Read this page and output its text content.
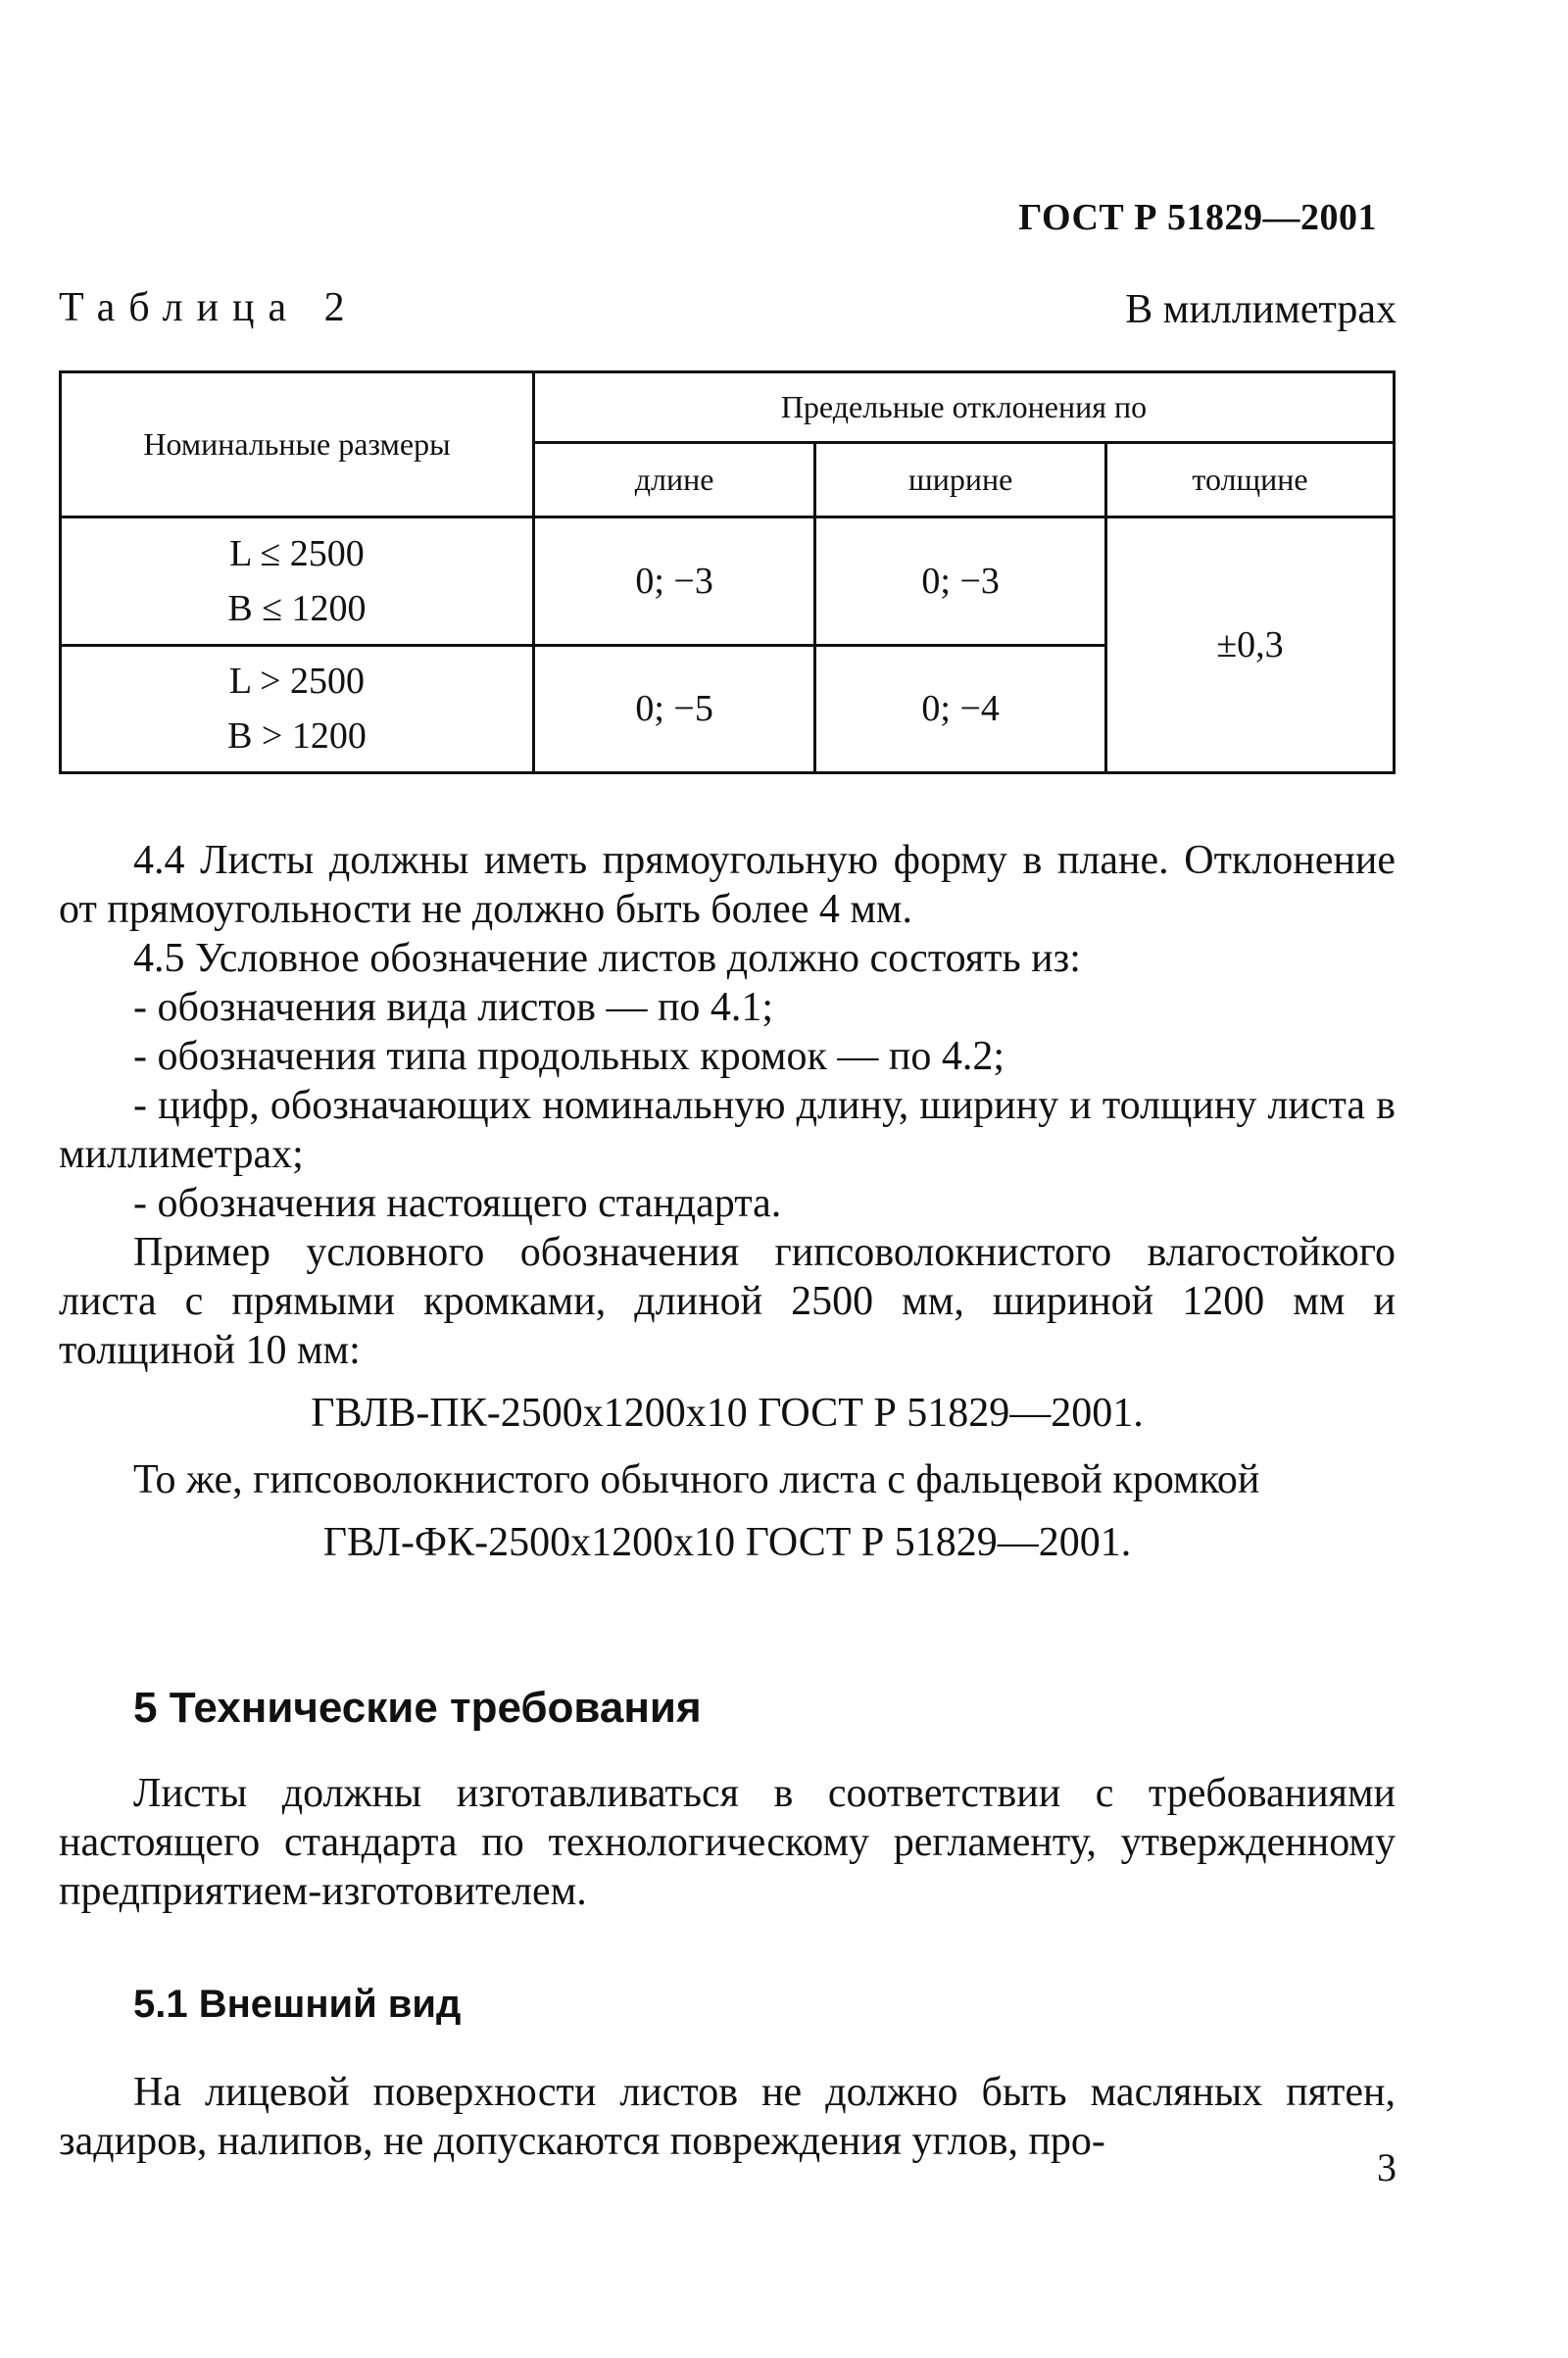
ГОСТ Р 51829—2001
Таблица 2	В миллиметрах
Номинальные размеры	Предельные отклонения по		
	длине	ширине	толщине

L ≤ 2500
B ≤ 1200	0; −3	0; −3	±0,3

L > 2500
B > 1200	0; −5	0; −4	

4.4 Листы должны иметь прямоугольную форму в плане. Отклонение от прямоугольности не должно быть более 4 мм.

4.5 Условное обозначение листов должно состоять из:

- обозначения вида листов — по 4.1;

- обозначения типа продольных кромок — по 4.2;

- цифр, обозначающих номинальную длину, ширину и толщину листа в миллиметрах;

- обозначения настоящего стандарта.

Пример условного обозначения гипсоволокнистого влагостойкого листа с прямыми кромками, длиной 2500 мм, шириной 1200 мм и толщиной 10 мм:

ГВЛВ-ПК-2500x1200x10 ГОСТ Р 51829—2001.

То же, гипсоволокнистого обычного листа с фальцевой кромкой

ГВЛ-ФК-2500x1200x10 ГОСТ Р 51829—2001.

5 Технические требования

Листы должны изготавливаться в соответствии с требованиями настоящего стандарта по технологическому регламенту, утвержденному предприятием-изготовителем.

5.1 Внешний вид

На лицевой поверхности листов не должно быть масляных пятен, задиров, налипов, не допускаются повреждения углов, про-

3
